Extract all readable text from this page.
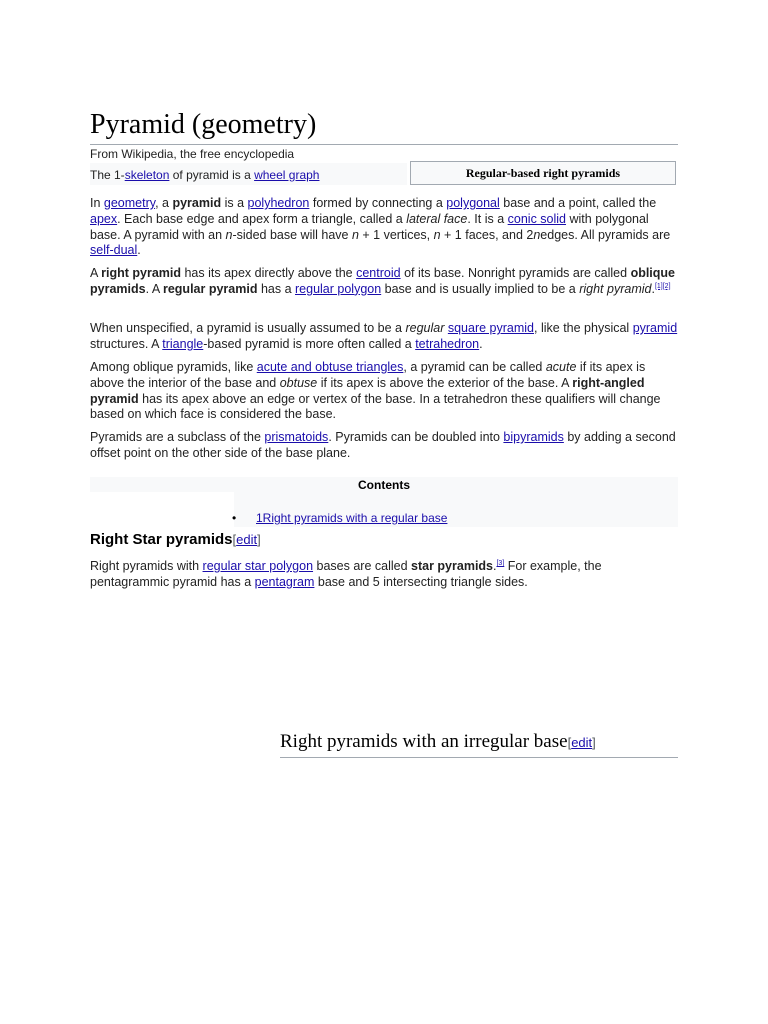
Pyramid (geometry)
From Wikipedia, the free encyclopedia
The 1-skeleton of pyramid is a wheel graph	Regular-based right pyramids

In geometry, a pyramid is a polyhedron formed by connecting a polygonal base and a point, called the apex. Each base edge and apex form a triangle, called a lateral face. It is a conic solid with polygonal base. A pyramid with an n-sided base will have n + 1 vertices, n + 1 faces, and 2nedges. All pyramids are self-dual.

A right pyramid has its apex directly above the centroid of its base. Nonright pyramids are called oblique pyramids. A regular pyramid has a regular polygon base and is usually implied to be a right pyramid.[1][2]

When unspecified, a pyramid is usually assumed to be a regular square pyramid, like the physical pyramid structures. A triangle-based pyramid is more often called a tetrahedron.

Among oblique pyramids, like acute and obtuse triangles, a pyramid can be called acute if its apex is above the interior of the base and obtuse if its apex is above the exterior of the base. A right-angled pyramid has its apex above an edge or vertex of the base. In a tetrahedron these qualifiers will change based on which face is considered the base.

Pyramids are a subclass of the prismatoids. Pyramids can be doubled into bipyramids by adding a second offset point on the other side of the base plane.

Contents
• 1Right pyramids with a regular base
Right Star pyramids[edit]

Right pyramids with regular star polygon bases are called star pyramids.[3] For example, the pentagrammic pyramid has a pentagram base and 5 intersecting triangle sides.

Right pyramids with an irregular base[edit]
